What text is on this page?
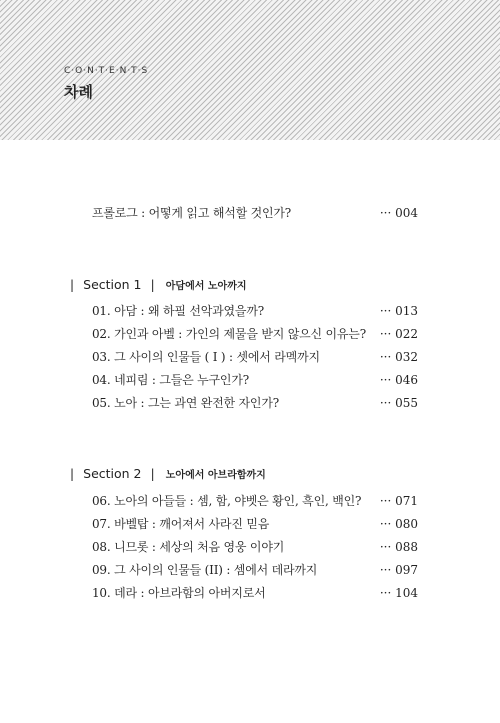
C·O·N·T·E·N·T·S
차례
프롤로그 : 어떻게 읽고 해석할 것인가?	··· 004
| Section 1 | 아담에서 노아까지
01. 아담 : 왜 하필 선악과였을까?	··· 013
02. 가인과 아벨 : 가인의 제물을 받지 않으신 이유는? ··· 022
03. 그 사이의 인물들 ( I ) : 셋에서 라멕까지	··· 032
04. 네피림 : 그들은 누구인가?	··· 046
05. 노아 : 그는 과연 완전한 자인가?	··· 055
| Section 2 | 노아에서 아브라함까지
06. 노아의 아들들 : 셈, 함, 야벳은 황인, 흑인, 백인? ··· 071
07. 바벨탑 : 깨어져서 사라진 믿음	··· 080
08. 니므롯 : 세상의 처음 영웅 이야기	··· 088
09. 그 사이의 인물들 (II) : 셈에서 데라까지	··· 097
10. 데라 : 아브라함의 아버지로서	··· 104
